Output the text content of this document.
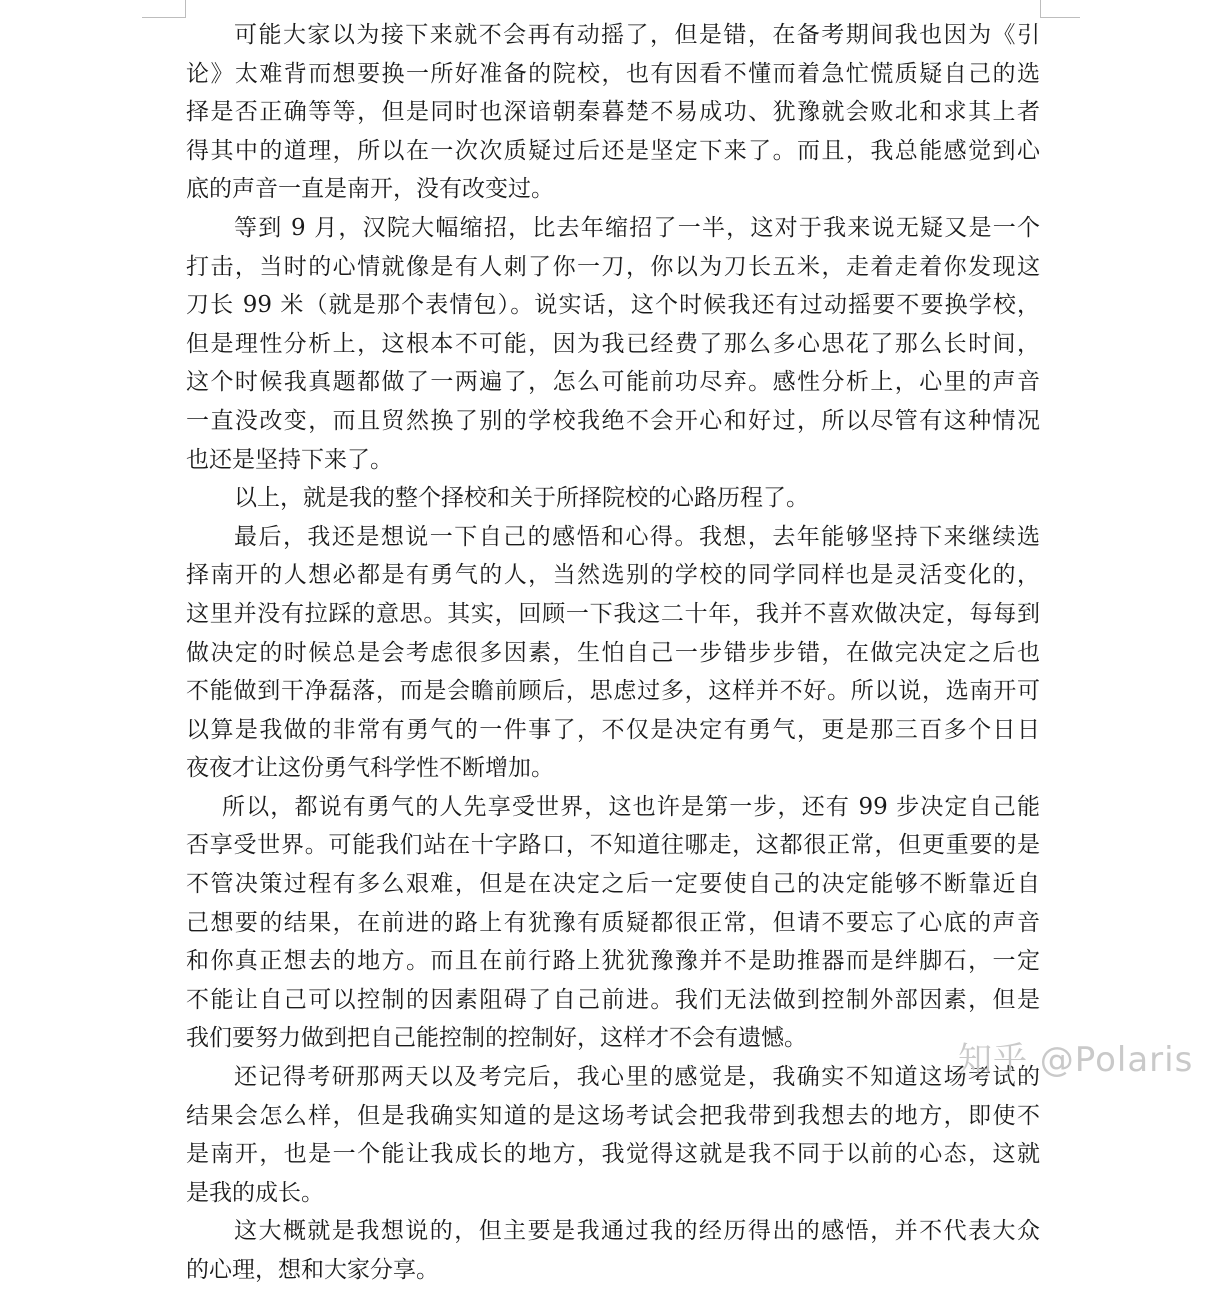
可能大家以为接下来就不会再有动摇了，但是错，在备考期间我也因为《引
论》太难背而想要换一所好准备的院校，也有因看不懂而着急忙慌质疑自己的选
择是否正确等等，但是同时也深谙朝秦暮楚不易成功、犹豫就会败北和求其上者
得其中的道理，所以在一次次质疑过后还是坚定下来了。而且，我总能感觉到心
底的声音一直是南开，没有改变过。
等到 9 月，汉院大幅缩招，比去年缩招了一半，这对于我来说无疑又是一个
打击，当时的心情就像是有人刺了你一刀，你以为刀长五米，走着走着你发现这
刀长 99 米（就是那个表情包）。说实话，这个时候我还有过动摇要不要换学校，
但是理性分析上，这根本不可能，因为我已经费了那么多心思花了那么长时间，
这个时候我真题都做了一两遍了，怎么可能前功尽弃。感性分析上，心里的声音
一直没改变，而且贸然换了别的学校我绝不会开心和好过，所以尽管有这种情况
也还是坚持下来了。
以上，就是我的整个择校和关于所择院校的心路历程了。
最后，我还是想说一下自己的感悟和心得。我想，去年能够坚持下来继续选
择南开的人想必都是有勇气的人，当然选别的学校的同学同样也是灵活变化的，
这里并没有拉踩的意思。其实，回顾一下我这二十年，我并不喜欢做决定，每每到
做决定的时候总是会考虑很多因素，生怕自己一步错步步错，在做完决定之后也
不能做到干净磊落，而是会瞻前顾后，思虑过多，这样并不好。所以说，选南开可
以算是我做的非常有勇气的一件事了，不仅是决定有勇气，更是那三百多个日日
夜夜才让这份勇气科学性不断增加。
所以，都说有勇气的人先享受世界，这也许是第一步，还有 99 步决定自己能
否享受世界。可能我们站在十字路口，不知道往哪走，这都很正常，但更重要的是
不管决策过程有多么艰难，但是在决定之后一定要使自己的决定能够不断靠近自
己想要的结果，在前进的路上有犹豫有质疑都很正常，但请不要忘了心底的声音
和你真正想去的地方。而且在前行路上犹犹豫豫并不是助推器而是绊脚石，一定
不能让自己可以控制的因素阻碍了自己前进。我们无法做到控制外部因素，但是
我们要努力做到把自己能控制的控制好，这样才不会有遗憾。
还记得考研那两天以及考完后，我心里的感觉是，我确实不知道这场考试的
结果会怎么样，但是我确实知道的是这场考试会把我带到我想去的地方，即使不
是南开，也是一个能让我成长的地方，我觉得这就是我不同于以前的心态，这就
是我的成长。
这大概就是我想说的，但主要是我通过我的经历得出的感悟，并不代表大众
的心理，想和大家分享。
知乎 @Polaris
